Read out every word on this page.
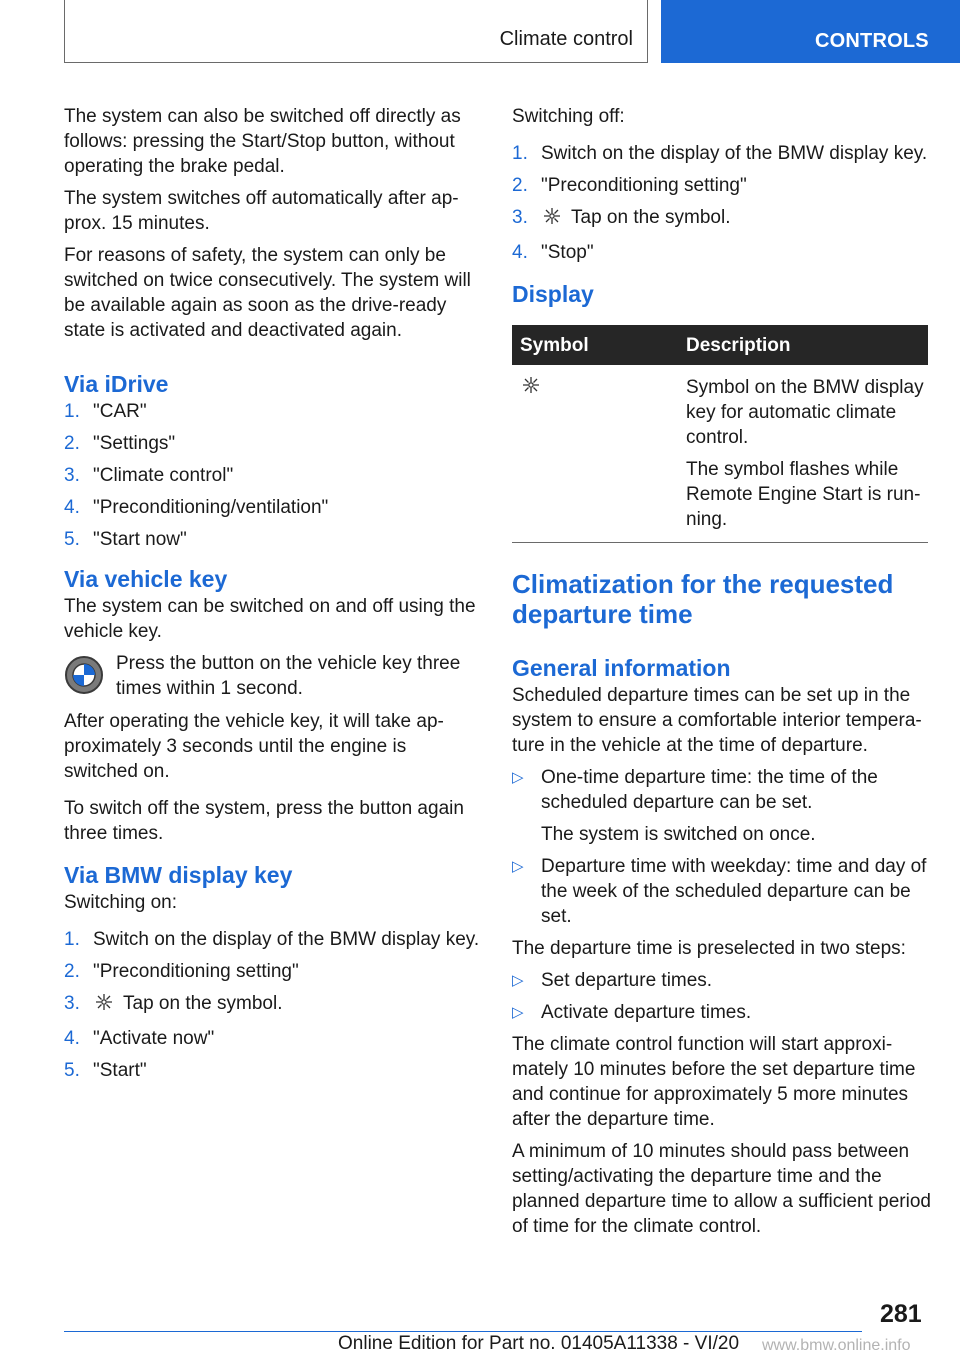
Climate control	CONTROLS

The system can also be switched off directly as follows: pressing the Start/Stop button, without operating the brake pedal.

The system switches off automatically after approx. 15 minutes.

For reasons of safety, the system can only be switched on twice consecutively. The system will be available again as soon as the drive-ready state is activated and deactivated again.

Via iDrive
1. "CAR"
2. "Settings"
3. "Climate control"
4. "Preconditioning/ventilation"
5. "Start now"
Via vehicle key

The system can be switched on and off using the vehicle key.

Press the button on the vehicle key three times within 1 second.

After operating the vehicle key, it will take approximately 3 seconds until the engine is switched on.

To switch off the system, press the button again three times.

Via BMW display key

Switching on:

1. Switch on the display of the BMW display key.
2. "Preconditioning setting"
3.	Tap on the symbol.
4. "Activate now"
5. "Start"

Switching off:

1. Switch on the display of the BMW display key.
2. "Preconditioning setting"
3.	Tap on the symbol.
4. "Stop"
Display
Symbol	Description

Symbol on the BMW display key for automatic climate control.

The symbol flashes while Remote Engine Start is running.

Climatization for the requested departure time
General information

Scheduled departure times can be set up in the system to ensure a comfortable interior temperature in the vehicle at the time of departure.

▷ One-time departure time: the time of the scheduled departure can be set.

The system is switched on once.

▷ Departure time with weekday: time and day of the week of the scheduled departure can be set.

The departure time is preselected in two steps:

▷ Set departure times.
▷ Activate departure times.

The climate control function will start approximately 10 minutes before the set departure time and continue for approximately 5 more minutes after the departure time.

A minimum of 10 minutes should pass between setting/activating the departure time and the planned departure time to allow a sufficient period of time for the climate control.

281
Online Edition for Part no. 01405A11338 - VI/20 www.bmw.online.info
